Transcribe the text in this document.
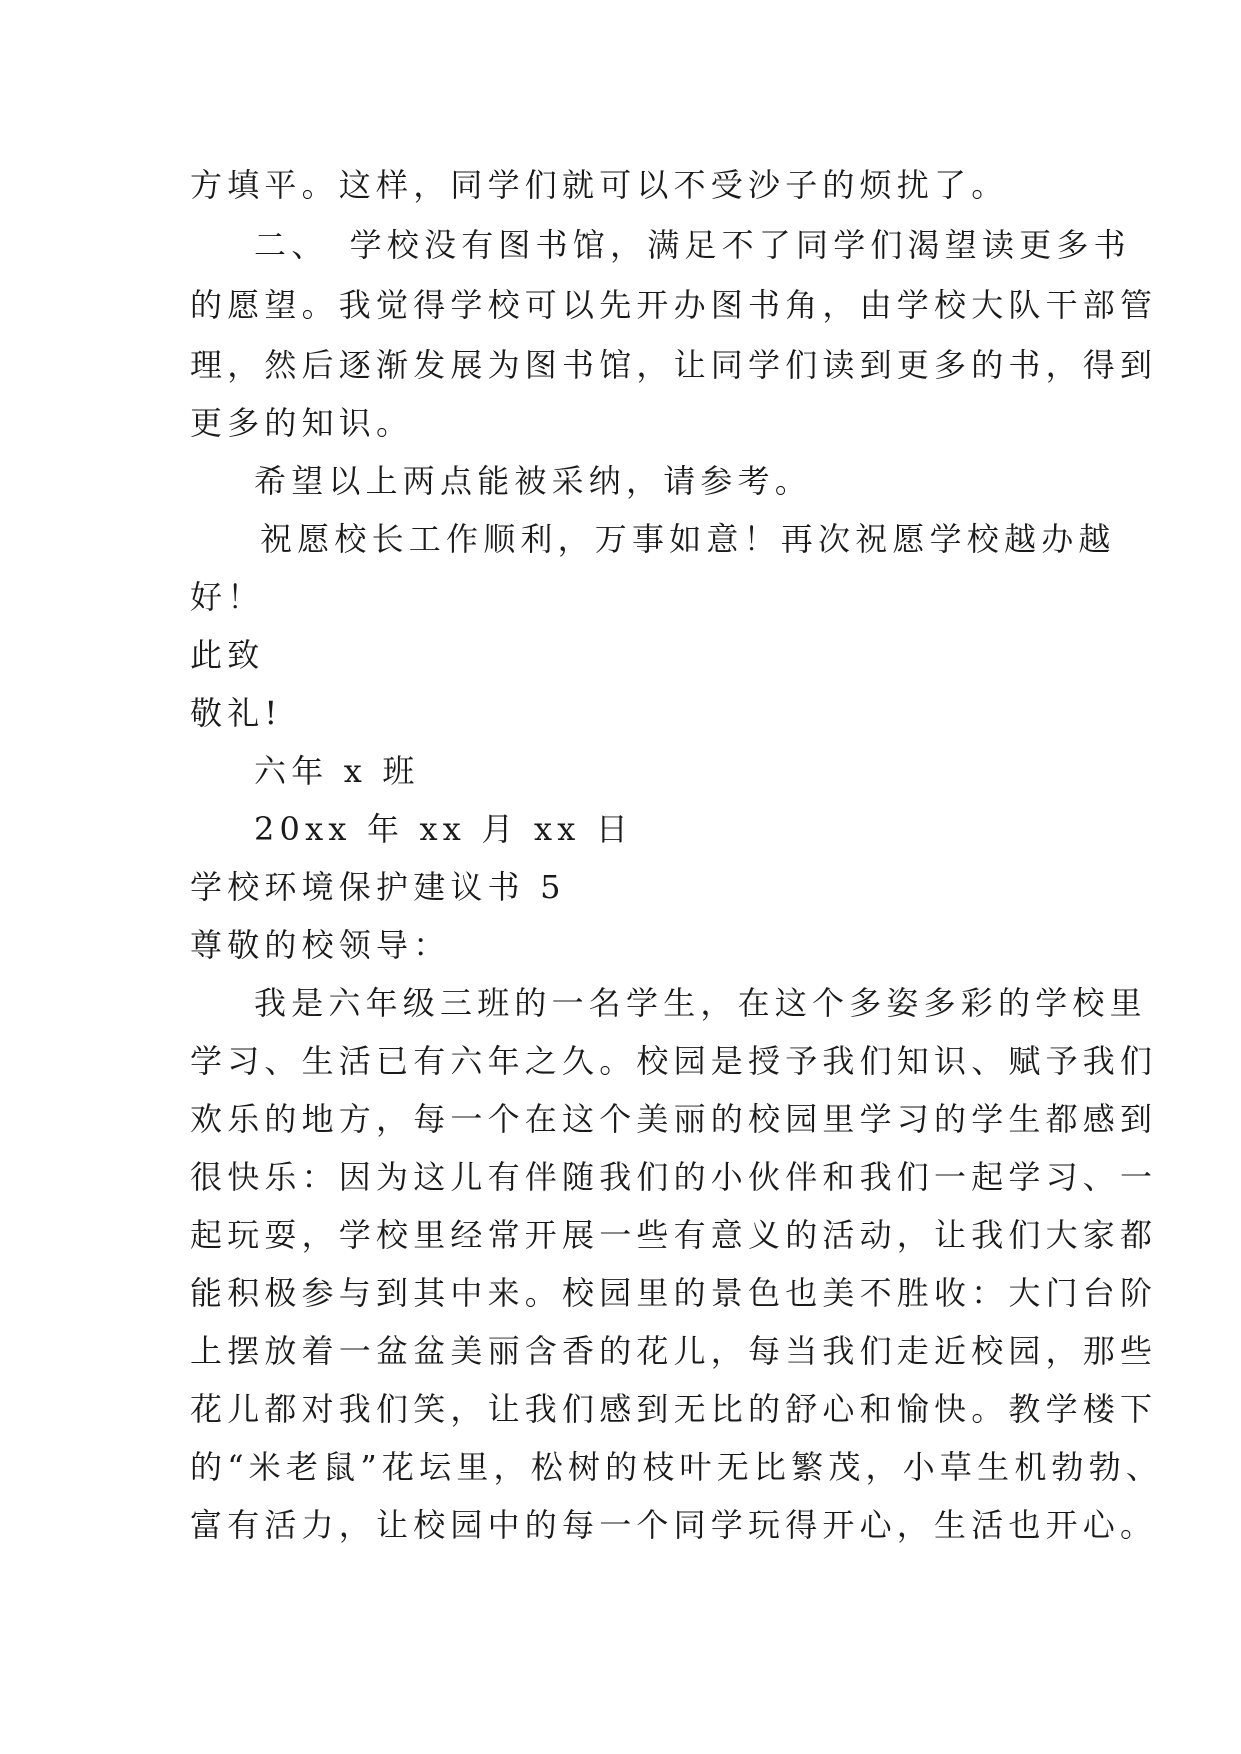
方填平。这样，同学们就可以不受沙子的烦扰了。
二、　学校没有图书馆，满足不了同学们渴望读更多书
的愿望。我觉得学校可以先开办图书角，由学校大队干部管
理，然后逐渐发展为图书馆，让同学们读到更多的书，得到
更多的知识。
希望以上两点能被采纳，请参考。
祝愿校长工作顺利，万事如意！再次祝愿学校越办越
好！
此致
敬礼!
六年 x 班
20xx 年 xx 月 xx 日
学校环境保护建议书 5
尊敬的校领导：
我是六年级三班的一名学生，在这个多姿多彩的学校里
学习、生活已有六年之久。校园是授予我们知识、赋予我们
欢乐的地方，每一个在这个美丽的校园里学习的学生都感到
很快乐：因为这儿有伴随我们的小伙伴和我们一起学习、一
起玩耍，学校里经常开展一些有意义的活动，让我们大家都
能积极参与到其中来。校园里的景色也美不胜收：大门台阶
上摆放着一盆盆美丽含香的花儿，每当我们走近校园，那些
花儿都对我们笑，让我们感到无比的舒心和愉快。教学楼下
的“米老鼠”花坛里，松树的枝叶无比繁茂，小草生机勃勃、
富有活力，让校园中的每一个同学玩得开心，生活也开心。
